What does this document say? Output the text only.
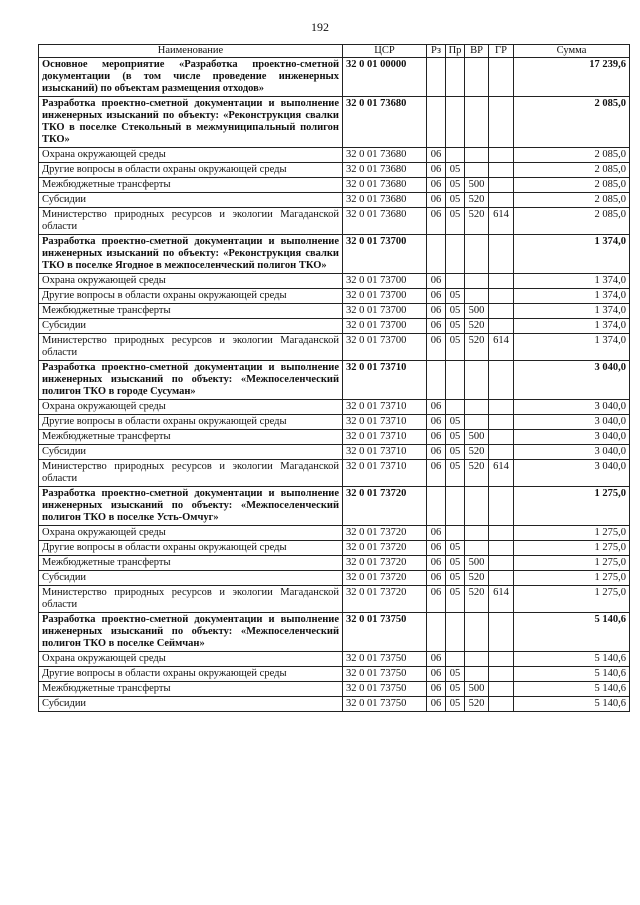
192
Наименование	ЦСР	Рз	Пр	ВР	ГР	Сумма
Основное мероприятие «Разработка проектно-сметной документации (в том числе проведение инженерных изысканий) по объектам размещения отходов»	32 0 01 00000					17 239,6
Разработка проектно-сметной документации и выполнение инженерных изысканий по объекту: «Реконструкция свалки ТКО в поселке Стекольный в межмуниципальный полигон ТКО»	32 0 01 73680					2 085,0
Охрана окружающей среды	32 0 01 73680	06				2 085,0
Другие вопросы в области охраны окружающей среды	32 0 01 73680	06	05			2 085,0
Межбюджетные трансферты	32 0 01 73680	06	05	500		2 085,0
Субсидии	32 0 01 73680	06	05	520		2 085,0
Министерство природных ресурсов и экологии Магаданской области	32 0 01 73680	06	05	520	614	2 085,0
Разработка проектно-сметной документации и выполнение инженерных изысканий по объекту: «Реконструкция свалки ТКО в поселке Ягодное в межпоселенческий полигон ТКО»	32 0 01 73700					1 374,0
Охрана окружающей среды	32 0 01 73700	06				1 374,0
Другие вопросы в области охраны окружающей среды	32 0 01 73700	06	05			1 374,0
Межбюджетные трансферты	32 0 01 73700	06	05	500		1 374,0
Субсидии	32 0 01 73700	06	05	520		1 374,0
Министерство природных ресурсов и экологии Магаданской области	32 0 01 73700	06	05	520	614	1 374,0
Разработка проектно-сметной документации и выполнение инженерных изысканий по объекту: «Межпоселенческий полигон ТКО в городе Сусуман»	32 0 01 73710					3 040,0
Охрана окружающей среды	32 0 01 73710	06				3 040,0
Другие вопросы в области охраны окружающей среды	32 0 01 73710	06	05			3 040,0
Межбюджетные трансферты	32 0 01 73710	06	05	500		3 040,0
Субсидии	32 0 01 73710	06	05	520		3 040,0
Министерство природных ресурсов и экологии Магаданской области	32 0 01 73710	06	05	520	614	3 040,0
Разработка проектно-сметной документации и выполнение инженерных изысканий по объекту: «Межпоселенческий полигон ТКО в поселке Усть-Омчуг»	32 0 01 73720					1 275,0
Охрана окружающей среды	32 0 01 73720	06				1 275,0
Другие вопросы в области охраны окружающей среды	32 0 01 73720	06	05			1 275,0
Межбюджетные трансферты	32 0 01 73720	06	05	500		1 275,0
Субсидии	32 0 01 73720	06	05	520		1 275,0
Министерство природных ресурсов и экологии Магаданской области	32 0 01 73720	06	05	520	614	1 275,0
Разработка проектно-сметной документации и выполнение инженерных изысканий по объекту: «Межпоселенческий полигон ТКО в поселке Сеймчан»	32 0 01 73750					5 140,6
Охрана окружающей среды	32 0 01 73750	06				5 140,6
Другие вопросы в области охраны окружающей среды	32 0 01 73750	06	05			5 140,6
Межбюджетные трансферты	32 0 01 73750	06	05	500		5 140,6
Субсидии	32 0 01 73750	06	05	520		5 140,6
